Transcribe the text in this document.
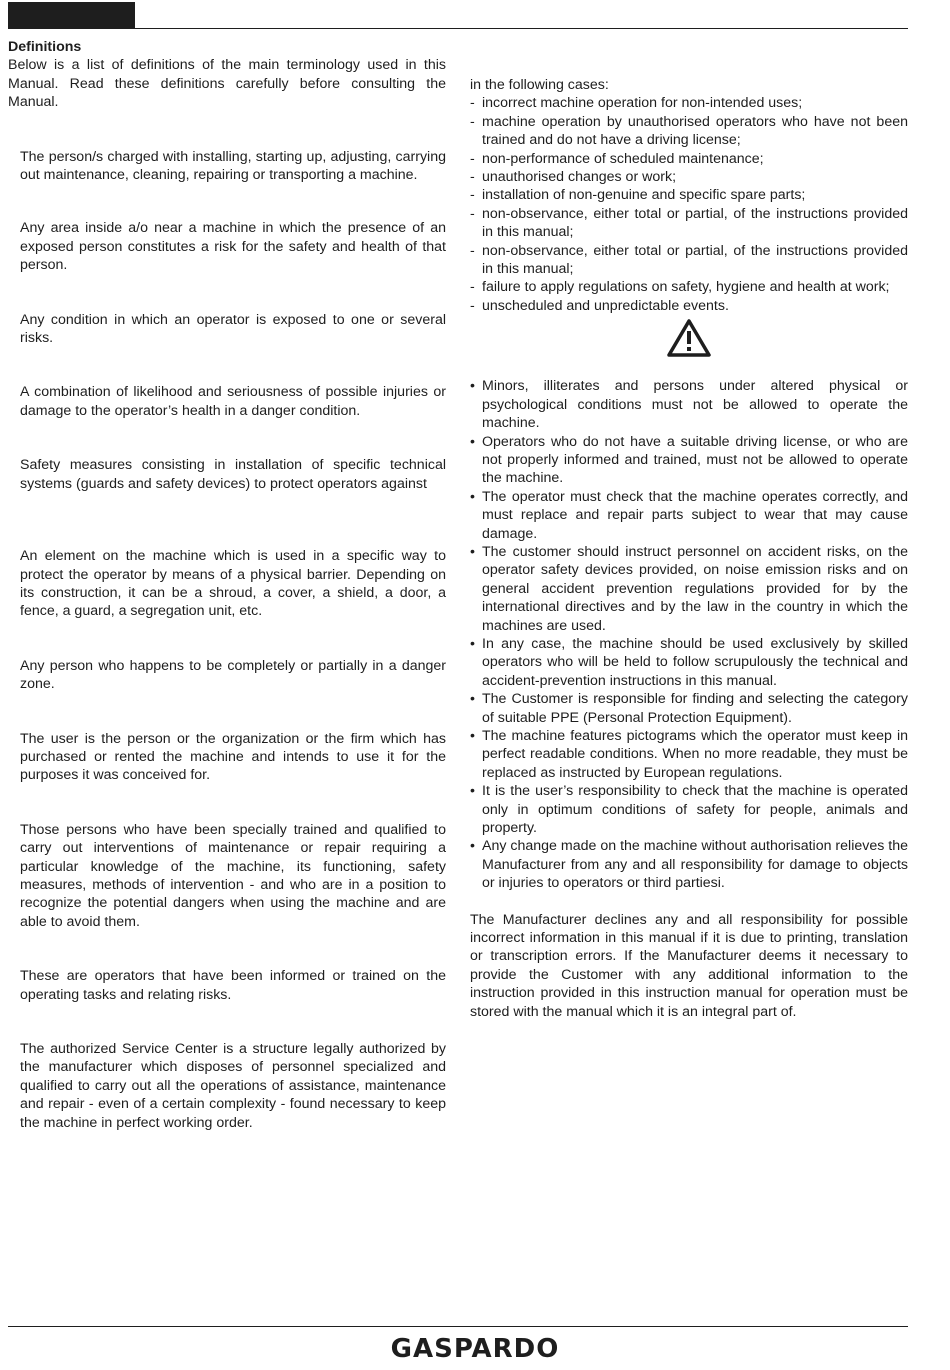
Definitions
Below is a list of definitions of the main terminology used in this Manual. Read these definitions carefully before consulting the Manual.

The person/s charged with installing, starting up, adjusting, carrying out maintenance, cleaning, repairing or transporting a machine.

Any area inside a/o near a machine in which the presence of an exposed person constitutes a risk for the safety and health of that person.

Any condition in which an operator is exposed to one or several risks.

A combination of likelihood and seriousness of possible injuries or damage to the operator’s health in a danger condition.

Safety measures consisting in installation of specific technical systems (guards and safety devices) to protect operators against

An element on the machine which is used in a specific way to protect the operator by means of a physical barrier. Depending on its construction, it can be a shroud, a cover, a shield, a door, a fence, a guard, a segregation unit, etc.

Any person who happens to be completely or partially in a danger zone.

The user is the person or the organization or the firm which has purchased or rented the machine and intends to use it for the purposes it was conceived for.

Those persons who have been specially trained and qualified to carry out interventions of maintenance or repair requiring a particular knowledge of the machine, its functioning, safety measures, methods of intervention - and who are in a position to recognize the potential dangers when using the machine and are able to avoid them.

These are operators that have been informed or trained on the operating tasks and relating risks.

The authorized Service Center is a structure legally authorized by the manufacturer which disposes of personnel specialized and qualified to carry out all the operations of assistance, maintenance and repair - even of a certain complexity - found necessary to keep the machine in perfect working order.

in the following cases:
- incorrect machine operation for non-intended uses;
- machine operation by unauthorised operators who have not been trained and do not have a driving license;
- non-performance of scheduled maintenance;
- unauthorised changes or work;
- installation of non-genuine and specific spare parts;
- non-observance, either total or partial, of the instructions provided in this manual;
- non-observance, either total or partial, of the instructions provided in this manual;
- failure to apply regulations on safety, hygiene and health at work;
- unscheduled and unpredictable events.
• Minors, illiterates and persons under altered physical or psychological conditions must not be allowed to operate the machine.
• Operators who do not have a suitable driving license, or who are not properly informed and trained, must not be allowed to operate the machine.
• The operator must check that the machine operates correctly, and must replace and repair parts subject to wear that may cause damage.
• The customer should instruct personnel on accident risks, on the operator safety devices provided, on noise emission risks and on general accident prevention regulations provided for by the international directives and by the law in the country in which the machines are used.
• In any case, the machine should be used exclusively by skilled operators who will be held to follow scrupulously the technical and accident-prevention instructions in this manual.
• The Customer is responsible for finding and selecting the category of suitable PPE (Personal Protection Equipment).
• The machine features pictograms which the operator must keep in perfect readable conditions. When no more readable, they must be replaced as instructed by European regulations.
• It is the user’s responsibility to check that the machine is operated only in optimum conditions of safety for people, animals and property.
• Any change made on the machine without authorisation relieves the Manufacturer from any and all responsibility for damage to objects or injuries to operators or third partiesi.

The Manufacturer declines any and all responsibility for possible incorrect information in this manual if it is due to printing, translation or transcription errors. If the Manufacturer deems it necessary to provide the Customer with any additional information to the instruction provided in this instruction manual for operation must be stored with the manual which it is an integral part of.

GASPARDO
